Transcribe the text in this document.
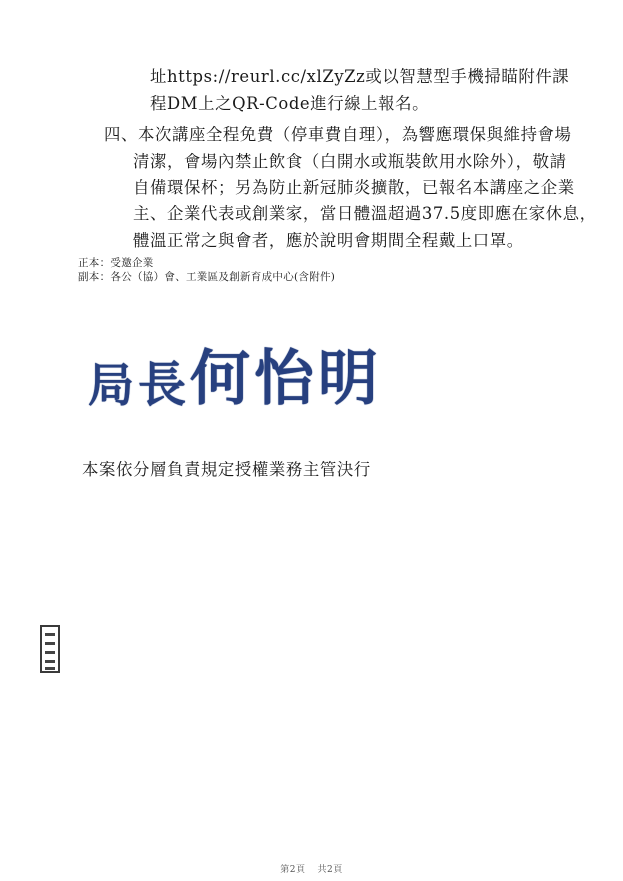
址https://reurl.cc/xlZyZz或以智慧型手機掃瞄附件課
程DM上之QR-Code進行線上報名。
四、本次講座全程免費（停車費自理），為響應環保與維持會場
清潔，會場內禁止飲食（白開水或瓶裝飲用水除外），敬請
自備環保杯；另為防止新冠肺炎擴散，已報名本講座之企業
主、企業代表或創業家，當日體溫超過37.5度即應在家休息，
體溫正常之與會者，應於說明會期間全程戴上口罩。
正本：受邀企業
副本：各公（協）會、工業區及創新育成中心(含附件)
局長何怡明
本案依分層負責規定授權業務主管決行
第2頁 共2頁
